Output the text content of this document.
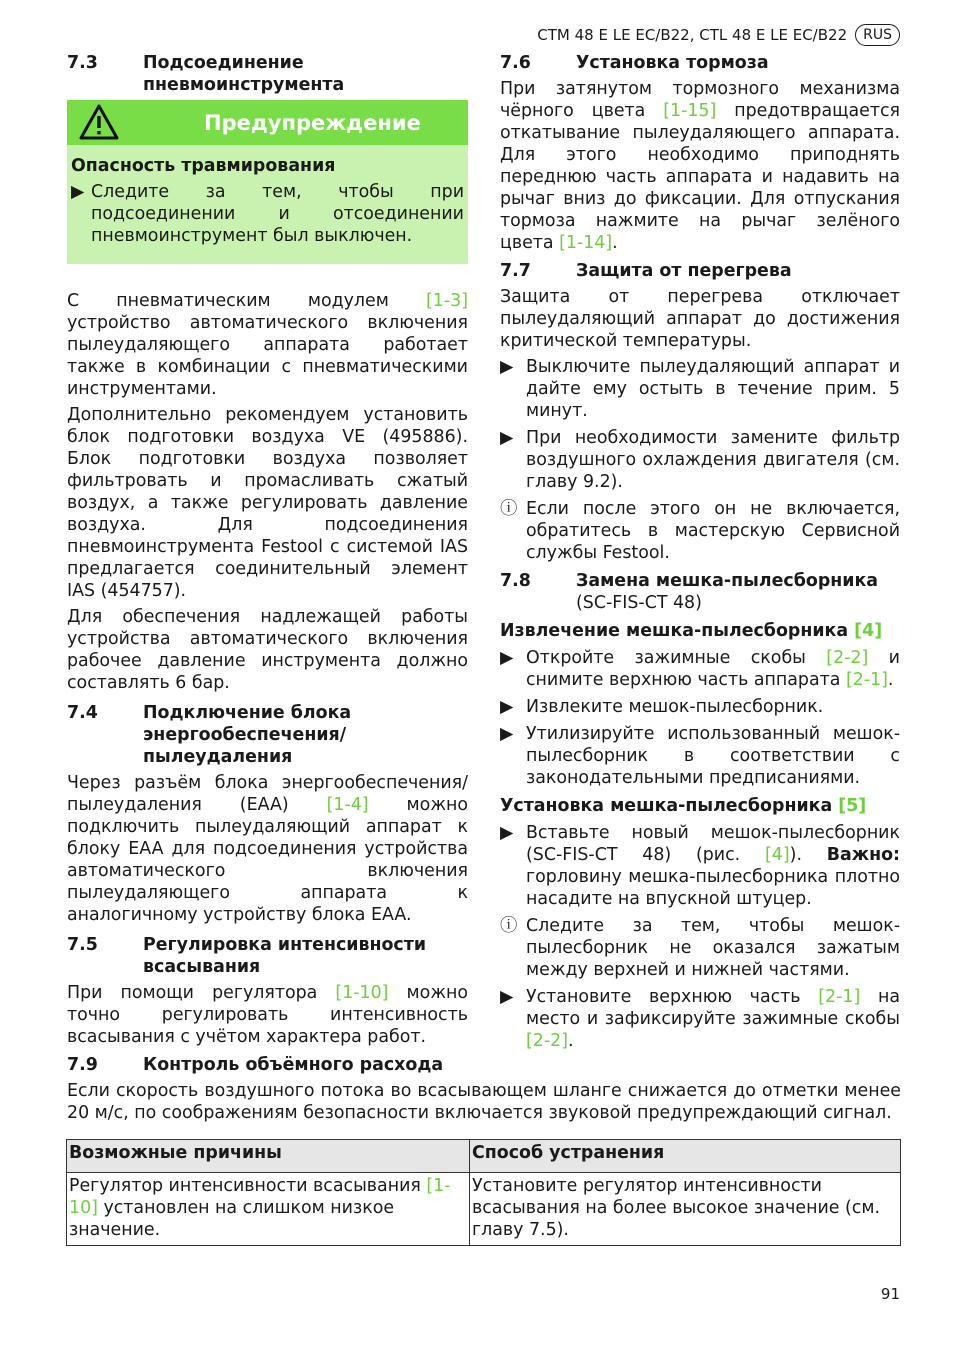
CTM 48 E LE EC/B22, CTL 48 E LE EC/B22	RUS
7.3	Подсоединение пневмоинструмента
Предупреждение
Опасность травмирования
▶ Следите за тем, чтобы при подсоединении и отсоединении пневмоинструмент был выключен.

С пневматическим модулем [1-3] устройство автоматического включения пылеудаляющего аппарата работает также в комбинации с пневматическими инструментами.

Дополнительно рекомендуем установить блок подготовки воздуха VE (495886). Блок подготовки воздуха позволяет фильтровать и промасливать сжатый воздух, а также регулировать давление воздуха. Для подсоединения пневмоинструмента Festool с системой IAS предлагается соединительный элемент IAS (454757).

Для обеспечения надлежащей работы устройства автоматического включения рабочее давление инструмента должно составлять 6 бар.

7.4	Подключение блока энергообеспечения/ пылеудаления

Через разъём блока энергообеспечения/ пылеудаления (EAA) [1-4] можно подключить пылеудаляющий аппарат к блоку EAA для подсоединения устройства автоматического включения пылеудаляющего аппарата к аналогичному устройству блока EAA.

7.5	Регулировка интенсивности всасывания

При помощи регулятора [1-10] можно точно регулировать интенсивность всасывания с учётом характера работ.

7.6	Установка тормоза

При затянутом тормозного механизма чёрного цвета [1-15] предотвращается откатывание пылеудаляющего аппарата. Для этого необходимо приподнять переднюю часть аппарата и надавить на рычаг вниз до фиксации. Для отпускания тормоза нажмите на рычаг зелёного цвета [1-14].

7.7	Защита от перегрева

Защита от перегрева отключает пылеудаляющий аппарат до достижения критической температуры.

▶ Выключите пылеудаляющий аппарат и дайте ему остыть в течение прим. 5 минут.
▶ При необходимости замените фильтр воздушного охлаждения двигателя (см. главу 9.2).
ⓘ Если после этого он не включается, обратитесь в мастерскую Сервисной службы Festool.
7.8	Замена мешка-пылесборника
(SC-FIS-CT 48)
Извлечение мешка-пылесборника [4]
▶ Откройте зажимные скобы [2-2] и снимите верхнюю часть аппарата [2-1].
▶ Извлеките мешок-пылесборник.
▶ Утилизируйте использованный мешок-пылесборник в соответствии с законодательными предписаниями.
Установка мешка-пылесборника [5]
▶ Вставьте новый мешок-пылесборник (SC-FIS-CT 48) (рис. [4]). Важно: горловину мешка-пылесборника плотно насадите на впускной штуцер.
ⓘ Следите за тем, чтобы мешок-пылесборник не оказался зажатым между верхней и нижней частями.
▶ Установите верхнюю часть [2-1] на место и зафиксируйте зажимные скобы [2-2].
7.9	Контроль объёмного расхода

Если скорость воздушного потока во всасывающем шланге снижается до отметки менее 20 м/с, по соображениям безопасности включается звуковой предупреждающий сигнал.

Возможные причины	Способ устранения
Регулятор интенсивности всасывания [1-10] установлен на слишком низкое значение.	Установите регулятор интенсивности всасывания на более высокое значение (см. главу 7.5).
91
